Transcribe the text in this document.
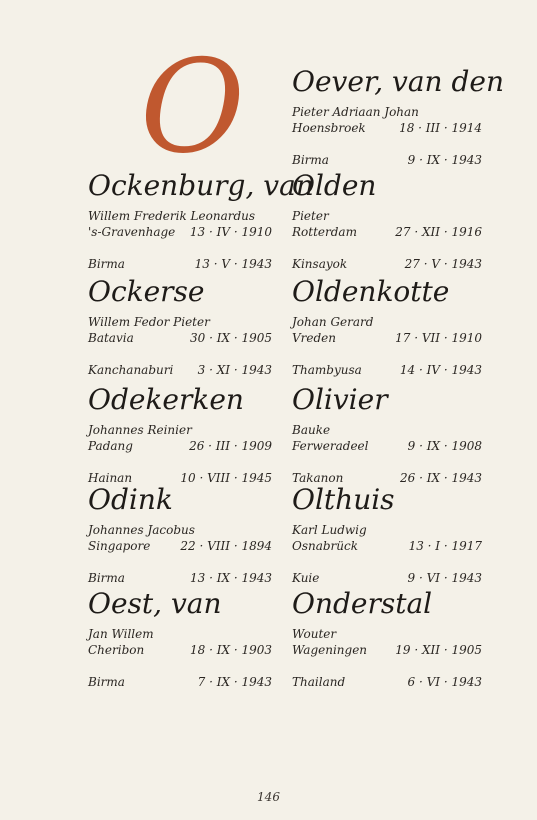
O
Ockenburg, van
Willem Frederik Leonardus
's-Gravenhage	13 · IV · 1910
Birma	13 · V · 1943
Ockerse
Willem Fedor Pieter
Batavia	30 · IX · 1905
Kanchanaburi	3 · XI · 1943
Odekerken
Johannes Reinier
Padang	26 · III · 1909
Hainan	10 · VIII · 1945
Odink
Johannes Jacobus
Singapore	22 · VIII · 1894
Birma	13 · IX · 1943
Oest, van
Jan Willem
Cheribon	18 · IX · 1903
Birma	7 · IX · 1943
Oever, van den
Pieter Adriaan Johan
Hoensbroek	18 · III · 1914
Birma	9 · IX · 1943
Olden
Pieter
Rotterdam	27 · XII · 1916
Kinsayok	27 · V · 1943
Oldenkotte
Johan Gerard
Vreden	17 · VII · 1910
Thambyusa	14 · IV · 1943
Olivier
Bauke
Ferweradeel	9 · IX · 1908
Takanon	26 · IX · 1943
Olthuis
Karl Ludwig
Osnabrück	13 · I · 1917
Kuie	9 · VI · 1943
Onderstal
Wouter
Wageningen	19 · XII · 1905
Thailand	6 · VI · 1943
146
